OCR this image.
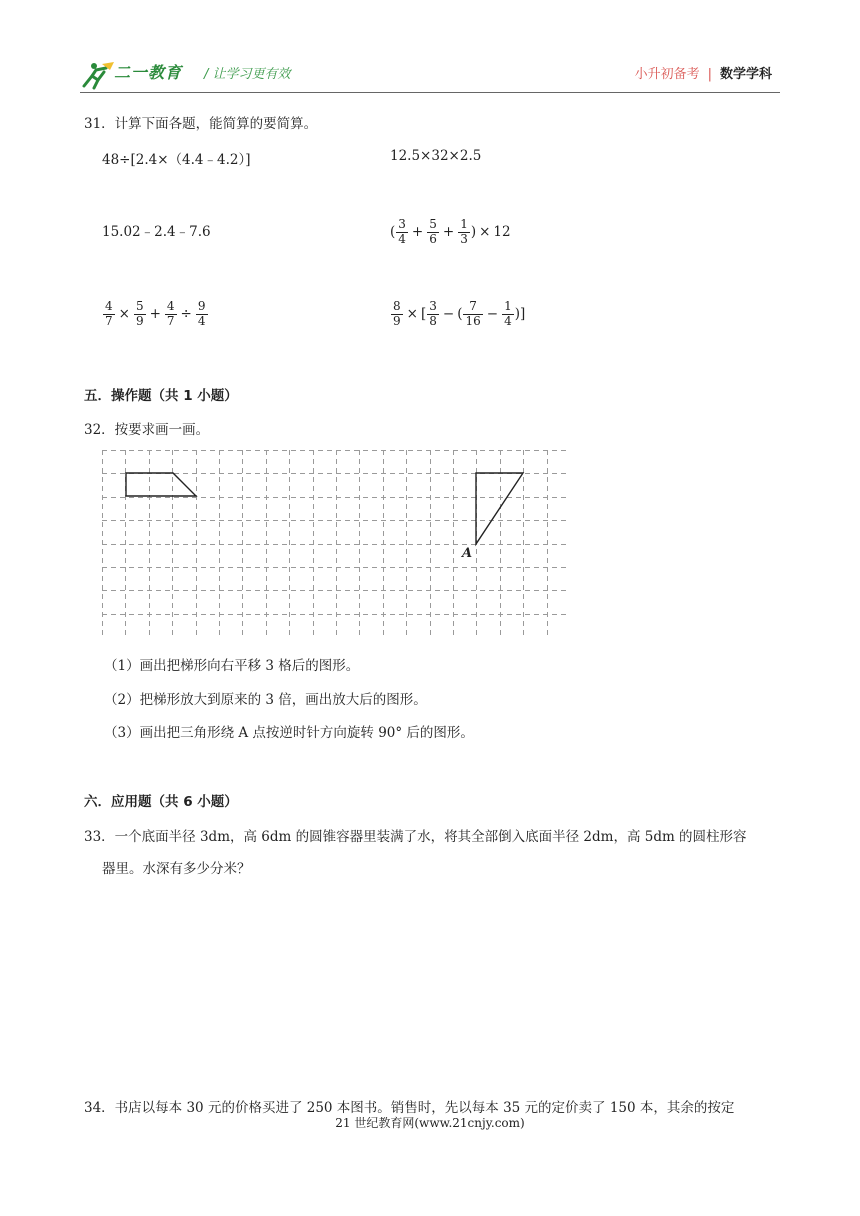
二一教育 / 让学习更有效	小升初备考 | 数学学科
31．计算下面各题，能简算的要简算。
48÷[2.4×（4.4﹣4.2）]	12.5×32×2.5
15.02﹣2.4﹣7.6	( $\frac{3}{4} + \frac{5}{6} + \frac{1}{3}$ ) × 12
$\frac{4}{7} \times \frac{5}{9} + \frac{4}{7} \div \frac{9}{4}$	$\frac{8}{9}$ × [ $\frac{3}{8}$ − ( $\frac{7}{16} - \frac{1}{4}$ ) ]
五．操作题（共 1 小题）
32．按要求画一画。
A
（1）画出把梯形向右平移 3 格后的图形。
（2）把梯形放大到原来的 3 倍，画出放大后的图形。
（3）画出把三角形绕 A 点按逆时针方向旋转 90° 后的图形。
六．应用题（共 6 小题）
33．一个底面半径 3dm，高 6dm 的圆锥容器里装满了水，将其全部倒入底面半径 2dm，高 5dm 的圆柱形容
器里。水深有多少分米？
34．书店以每本 30 元的价格买进了 250 本图书。销售时，先以每本 35 元的定价卖了 150 本，其余的按定
21 世纪教育网(www.21cnjy.com)
